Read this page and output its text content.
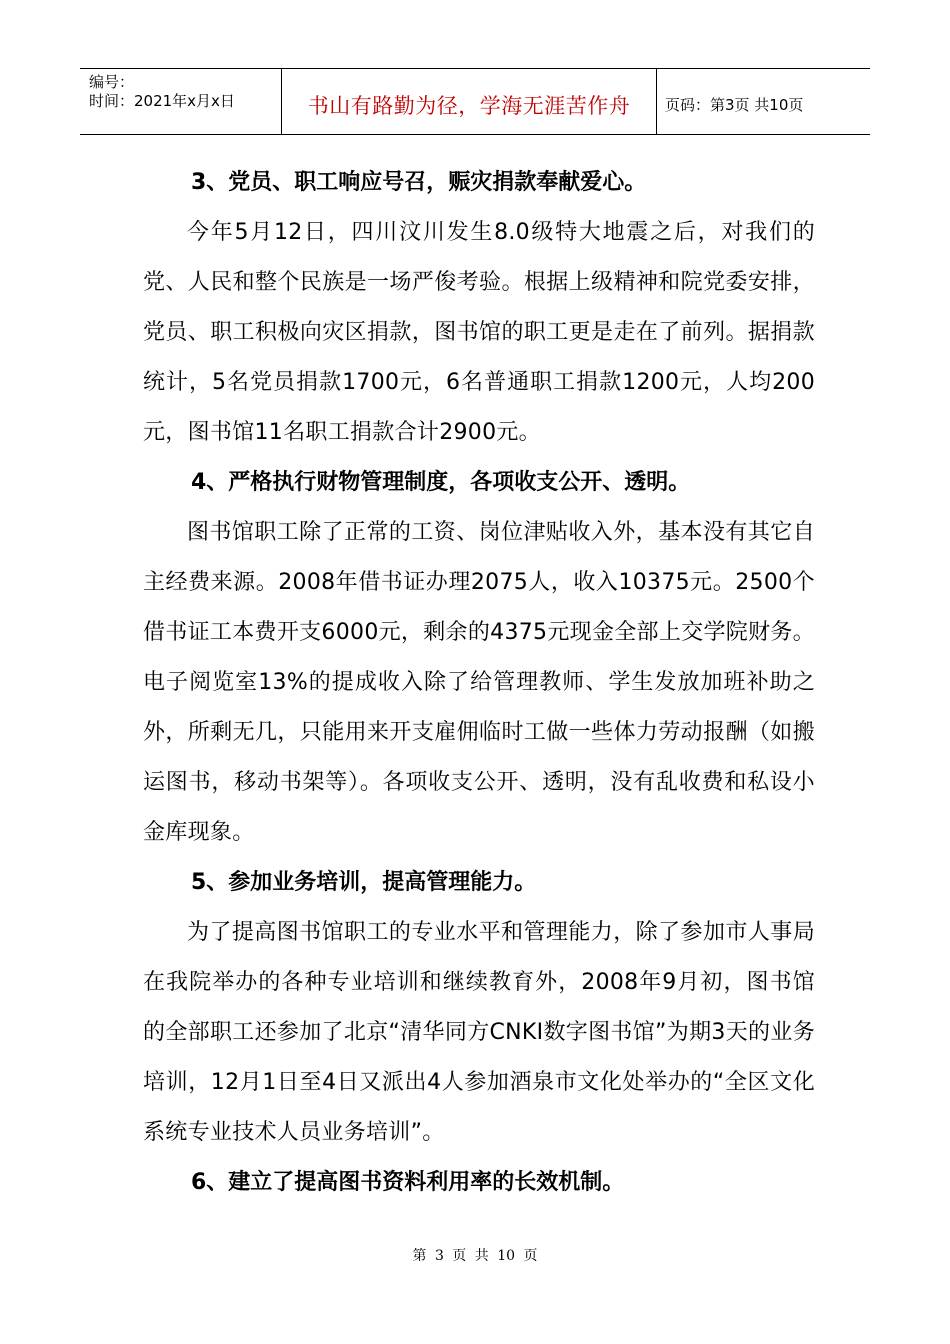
编号：
时间：2021年x月x日	书山有路勤为径，学海无涯苦作舟	页码：第3页 共10页
3、党员、职工响应号召，赈灾捐款奉献爱心。

今年5月12日，四川汶川发生8.0级特大地震之后，对我们的党、人民和整个民族是一场严俊考验。根据上级精神和院党委安排，党员、职工积极向灾区捐款，图书馆的职工更是走在了前列。据捐款统计，5名党员捐款1700元，6名普通职工捐款1200元，人均200元，图书馆11名职工捐款合计2900元。

4、严格执行财物管理制度，各项收支公开、透明。

图书馆职工除了正常的工资、岗位津贴收入外，基本没有其它自主经费来源。2008年借书证办理2075人，收入10375元。2500个借书证工本费开支6000元，剩余的4375元现金全部上交学院财务。电子阅览室13%的提成收入除了给管理教师、学生发放加班补助之外，所剩无几，只能用来开支雇佣临时工做一些体力劳动报酬（如搬运图书，移动书架等）。各项收支公开、透明，没有乱收费和私设小金库现象。

5、参加业务培训，提高管理能力。

为了提高图书馆职工的专业水平和管理能力，除了参加市人事局在我院举办的各种专业培训和继续教育外，2008年9月初，图书馆的全部职工还参加了北京“清华同方CNKI数字图书馆”为期3天的业务培训，12月1日至4日又派出4人参加酒泉市文化处举办的“全区文化系统专业技术人员业务培训”。

6、建立了提高图书资料利用率的长效机制。
第 3 页 共 10 页
